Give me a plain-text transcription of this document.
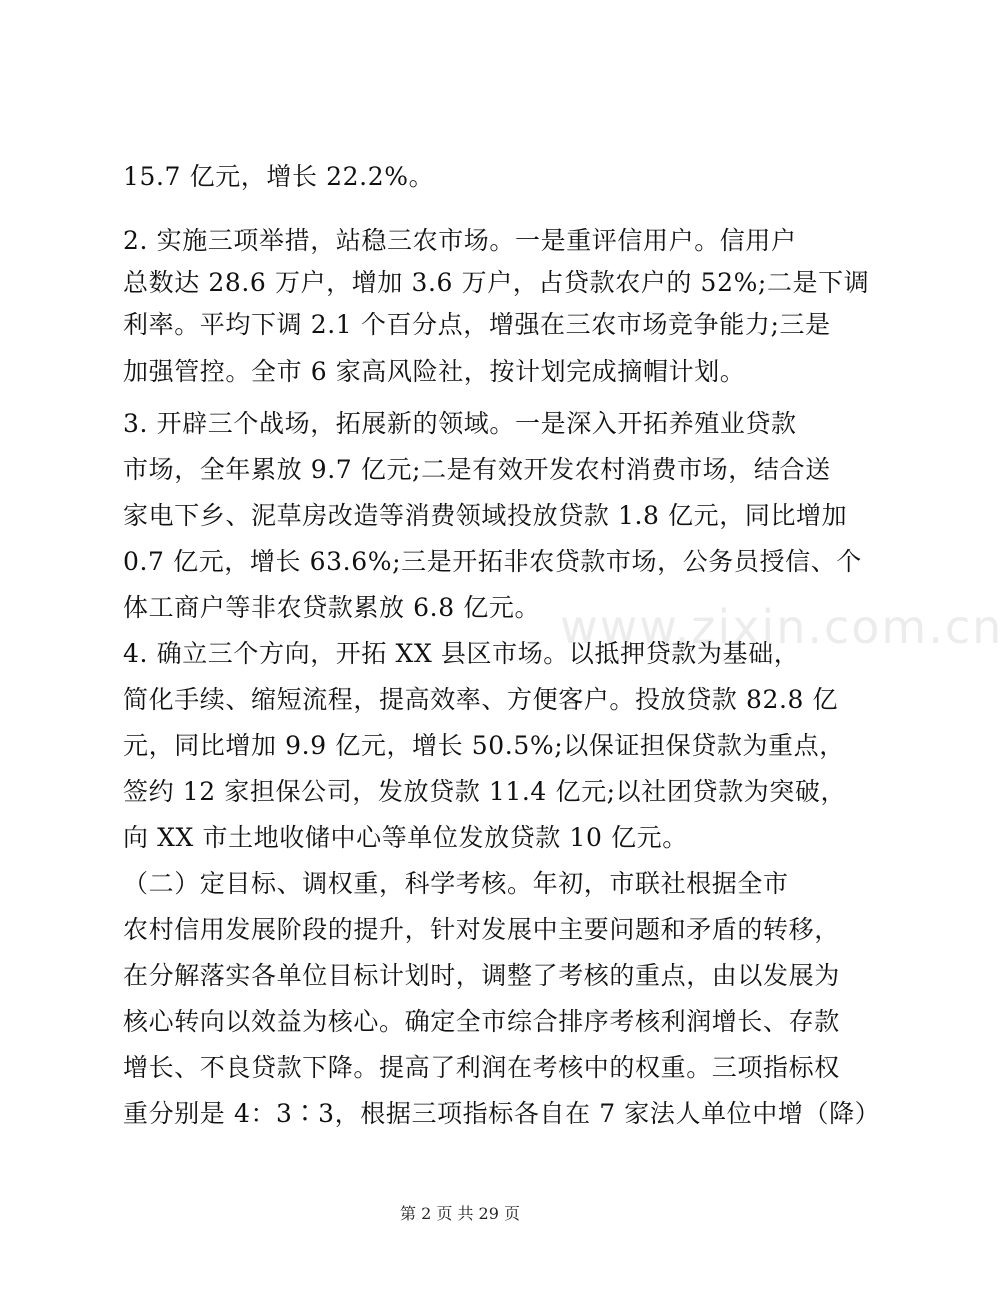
15.7 亿元，增长 22.2%。
2. 实施三项举措，站稳三农市场。一是重评信用户。信用户
总数达 28.6 万户，增加 3.6 万户，占贷款农户的 52%;二是下调
利率。平均下调 2.1 个百分点，增强在三农市场竞争能力;三是
加强管控。全市 6 家高风险社，按计划完成摘帽计划。
3. 开辟三个战场，拓展新的领域。一是深入开拓养殖业贷款
市场，全年累放 9.7 亿元;二是有效开发农村消费市场，结合送
家电下乡、泥草房改造等消费领域投放贷款 1.8 亿元，同比增加
0.7 亿元，增长 63.6%;三是开拓非农贷款市场，公务员授信、个
体工商户等非农贷款累放 6.8 亿元。
4. 确立三个方向，开拓 XX 县区市场。以抵押贷款为基础，
简化手续、缩短流程，提高效率、方便客户。投放贷款 82.8 亿
元，同比增加 9.9 亿元，增长 50.5%;以保证担保贷款为重点，
签约 12 家担保公司，发放贷款 11.4 亿元;以社团贷款为突破，
向 XX 市土地收储中心等单位发放贷款 10 亿元。
（二）定目标、调权重，科学考核。年初，市联社根据全市
农村信用发展阶段的提升，针对发展中主要问题和矛盾的转移，
在分解落实各单位目标计划时，调整了考核的重点，由以发展为
核心转向以效益为核心。确定全市综合排序考核利润增长、存款
增长、不良贷款下降。提高了利润在考核中的权重。三项指标权
重分别是 4：3∶3，根据三项指标各自在 7 家法人单位中增（降）
www.zixin.com.cn
第 2 页 共 29 页
